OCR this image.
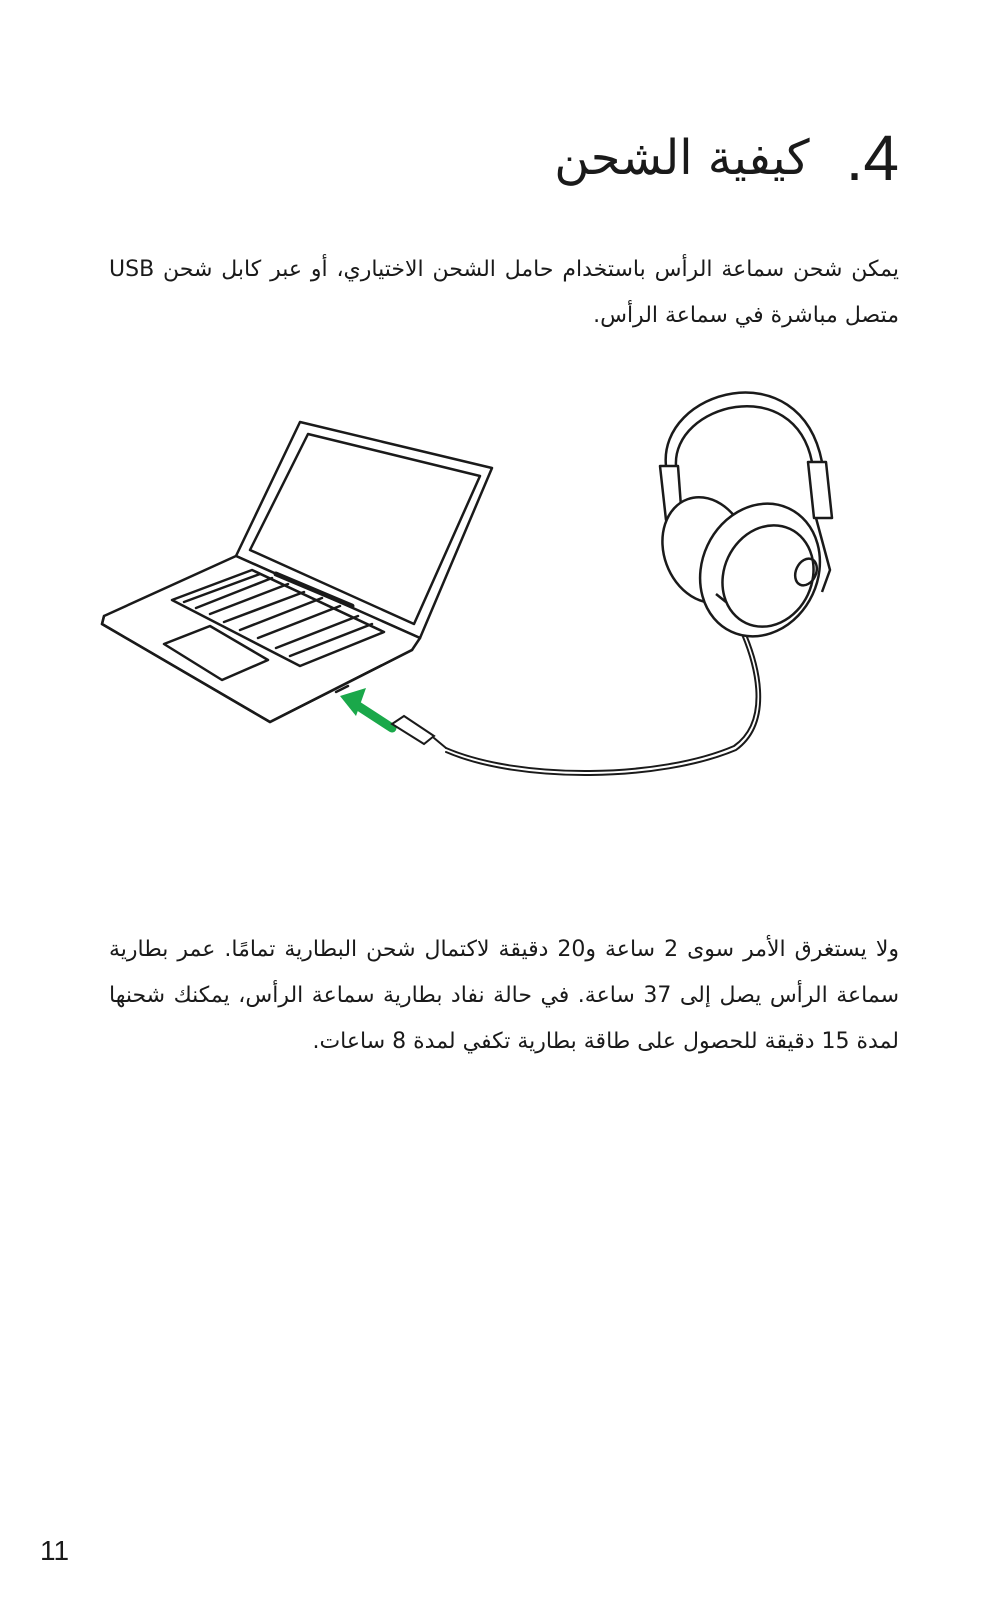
.4
كيفية الشحن

يمكن شحن سماعة الرأس باستخدام حامل الشحن الاختياري، أو عبر كابل شحن USB متصل مباشرة في سماعة الرأس.

ولا يستغرق الأمر سوى 2 ساعة و20 دقيقة لاكتمال شحن البطارية تمامًا. عمر بطارية سماعة الرأس يصل إلى 37 ساعة. في حالة نفاد بطارية سماعة الرأس، يمكنك شحنها لمدة 15 دقيقة للحصول على طاقة بطارية تكفي لمدة 8 ساعات.

11
